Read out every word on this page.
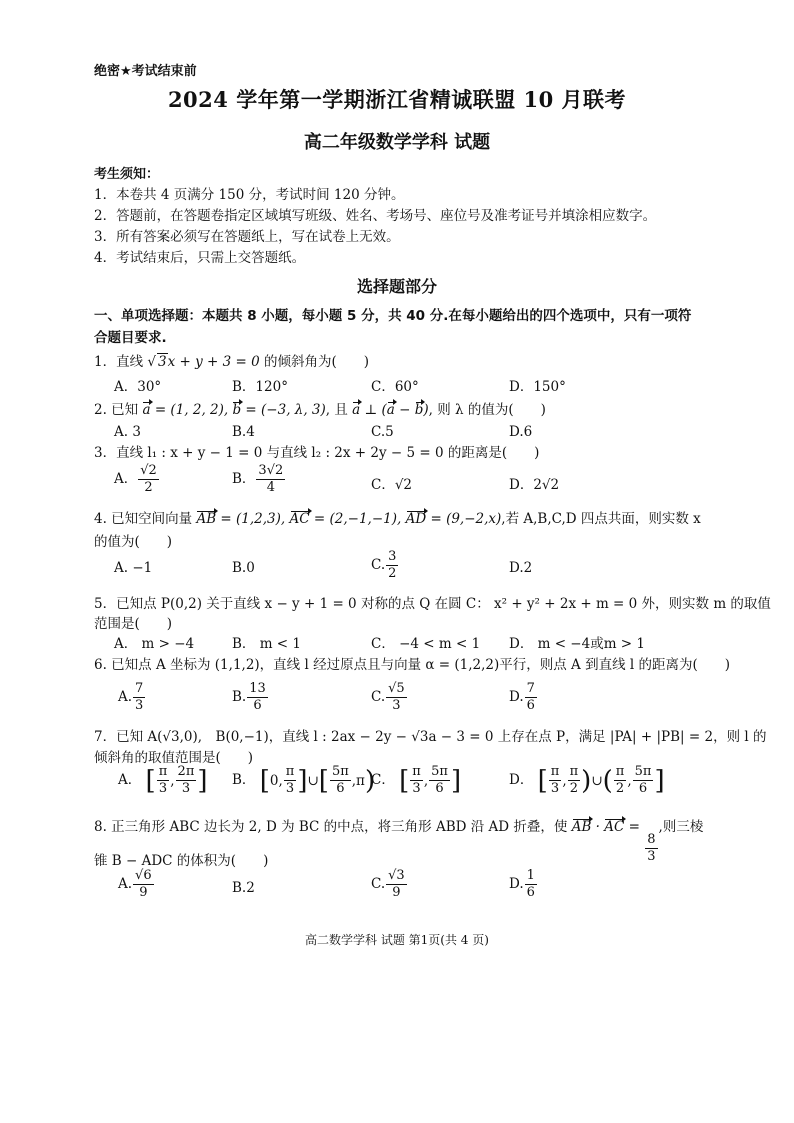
绝密★考试结束前
2024 学年第一学期浙江省精诚联盟 10 月联考
高二年级数学学科 试题
考生须知：
1．本卷共 4 页满分 150 分，考试时间 120 分钟。
2．答题前，在答题卷指定区域填写班级、姓名、考场号、座位号及准考证号并填涂相应数字。
3．所有答案必须写在答题纸上，写在试卷上无效。
4．考试结束后，只需上交答题纸。
选择题部分
一、单项选择题：本题共 8 小题，每小题 5 分，共 40 分.在每小题给出的四个选项中，只有一项符合题目要求.
1．直线 √ 3x + y + 3 = 0 的倾斜角为(　　)
A．30°	B．120°	C．60°	D．150°
2. 已知 a = (1, 2, 2), b = (−3, λ, 3), 且 a ⊥ (a − b), 则 λ 的值为(　　)
A. 3	B.4	C.5	D.6
3．直线 l₁ : x + y − 1 = 0 与直线 l₂ : 2x + 2y − 5 = 0 的距离是(　　)
A． $\frac{√2}{2}$	B． $\frac{3√2}{4}$	C．√2	D．2√2
4. 已知空间向量 AB = (1,2,3), AC = (2,−1,−1), AD = (9,−2,x),若 A,B,C,D 四点共面，则实数 x
的值为(　　)
A. −1	B.0	C. $\frac{3}{2}$	D.2
5．已知点 P(0,2) 关于直线 x − y + 1 = 0 对称的点 Q 在圆 C： x² + y² + 2x + m = 0 外，则实数 m 的取值
范围是(　　)
A． m > −4	B． m < 1	C． −4 < m < 1 D． m < −4或m > 1
6. 已知点 A 坐标为 (1,1,2)，直线 l 经过原点且与向量 α = (1,2,2)平行，则点 A 到直线 l 的距离为(　　)
A. $\frac{7}{3}$	B. $\frac{13}{6}$	C. $\frac{√5}{3}$	D. $\frac{7}{6}$
7．已知 A(√3,0),　B(0,−1)，直线 l : 2ax − 2y − √3a − 3 = 0 上存在点 P，满足 |PA| + |PB| = 2，则 l 的
倾斜角的取值范围是(　　)
A． [ $\frac{\pi}{3}$ , $\frac{2\pi}{3}$ ] B． [ 0, $\frac{\pi}{3}$ ] ∪ [ $\frac{5\pi}{6} ,\pi$ )
C． [ $\frac{\pi}{3}$ , $\frac{5\pi}{6}$ ]	D． [ $\frac{\pi}{3}$ , $\frac{\pi}{2}$ ) ∪ ( $\frac{\pi}{2}$ , $\frac{5\pi}{6}$ ]
8. 正三角形 ABC 边长为 2, D 为 BC 的中点，将三角形 ABD 沿 AD 折叠，使 AB · AC =
$\frac{8}{3}$
,则三棱
锥 B − ADC 的体积为(　　)
A. $\frac{√6}{9}$	B.2	C. $\frac{√3}{9}$	D. $\frac{1}{6}$
高二数学学科 试题 第1页(共 4 页)
